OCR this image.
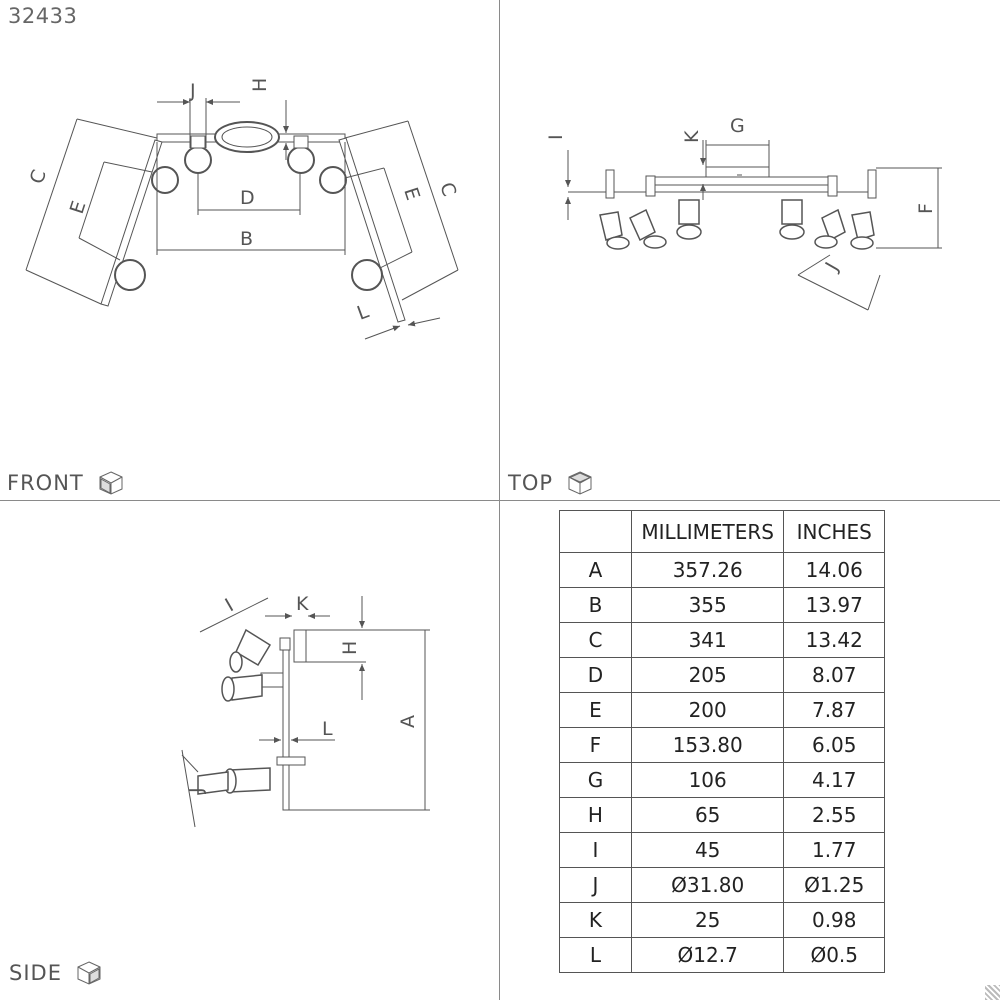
32433
J	H
C
E	D
B
E C
L
I	K G
F
J
I	K
H
A
L
J
FRONT	TOP
SIDE
	MILLIMETERS	INCHES
A	357.26	14.06
B	355	13.97
C	341	13.42
D	205	8.07
E	200	7.87
F	153.80	6.05
G	106	4.17
H	65	2.55
I	45	1.77
J	Ø31.80	Ø1.25
K	25	0.98
L	Ø12.7	Ø0.5
